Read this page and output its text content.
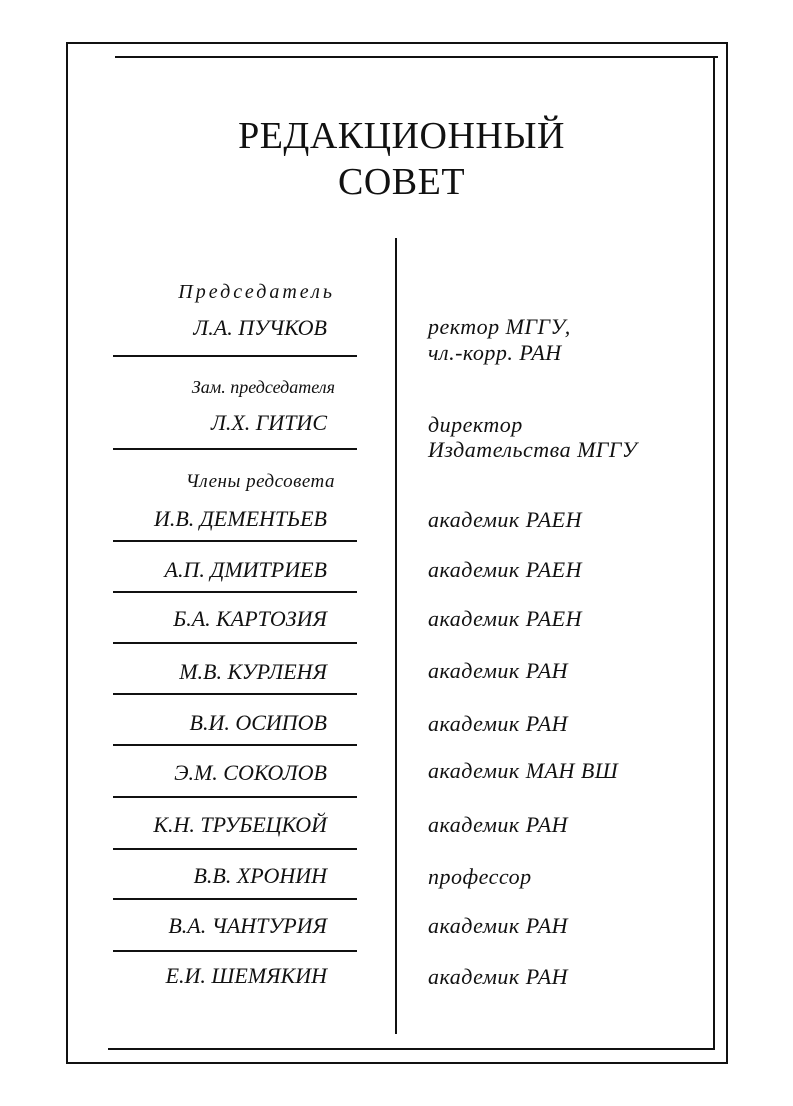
РЕДАКЦИОННЫЙ
СОВЕТ
Председатель
Л.А. ПУЧКОВ	ректор МГГУ,
чл.-корр. РАН
Зам. председателя
Л.Х. ГИТИС	директор
Издательства МГГУ
Члены редсовета
И.В. ДЕМЕНТЬЕВ	академик РАЕН
А.П. ДМИТРИЕВ	академик РАЕН
Б.А. КАРТОЗИЯ	академик РАЕН
М.В. КУРЛЕНЯ	академик РАН
В.И. ОСИПОВ	академик РАН
Э.М. СОКОЛОВ	академик МАН ВШ
К.Н. ТРУБЕЦКОЙ	академик РАН
В.В. ХРОНИН	профессор
В.А. ЧАНТУРИЯ	академик РАН
Е.И. ШЕМЯКИН	академик РАН
